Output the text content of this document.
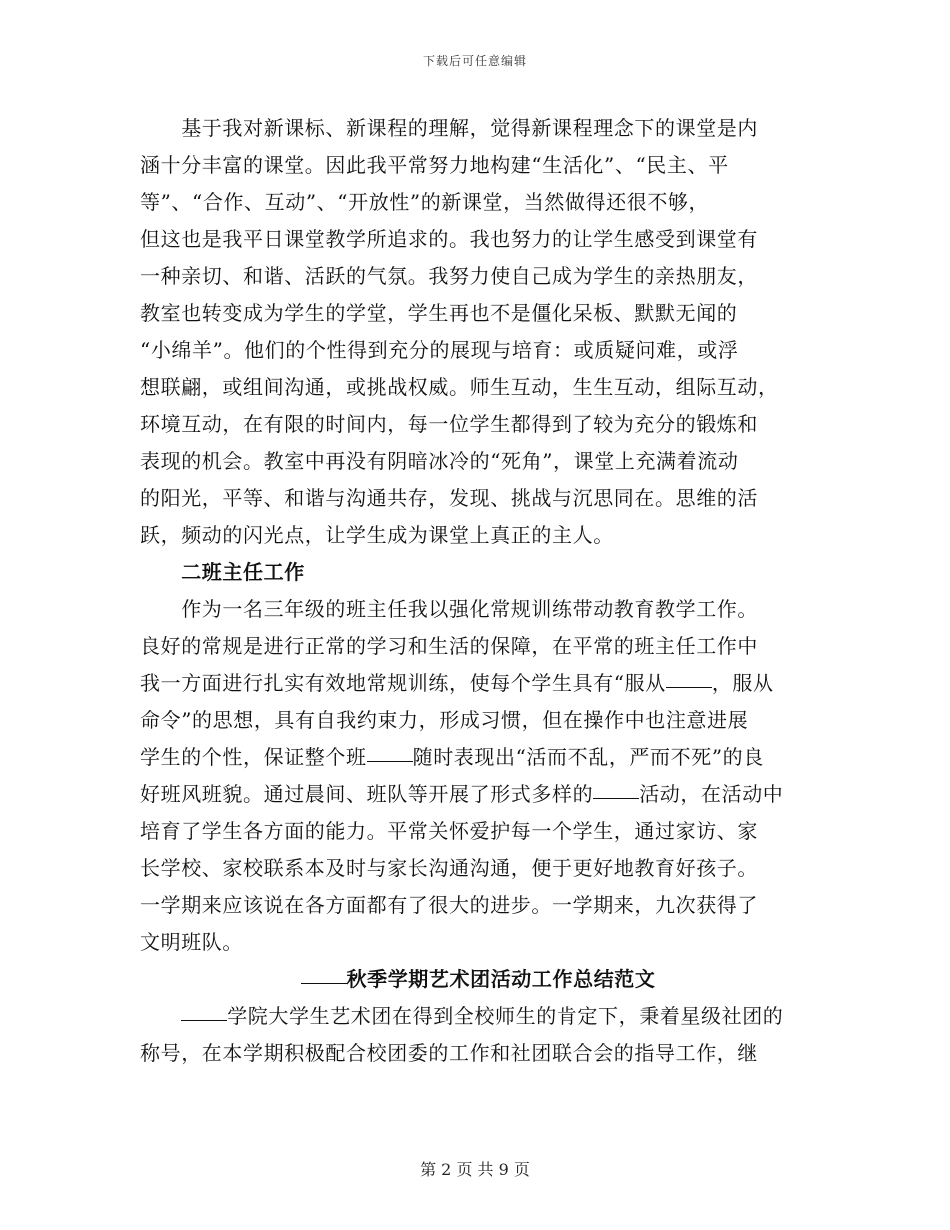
下载后可任意编辑
　　基于我对新课标、新课程的理解，觉得新课程理念下的课堂是内
涵十分丰富的课堂。因此我平常努力地构建“生活化”、“民主、平
等”、“合作、互动”、“开放性”的新课堂，当然做得还很不够，
但这也是我平日课堂教学所追求的。我也努力的让学生感受到课堂有
一种亲切、和谐、活跃的气氛。我努力使自己成为学生的亲热朋友，
教室也转变成为学生的学堂，学生再也不是僵化呆板、默默无闻的
“小绵羊”。他们的个性得到充分的展现与培育：或质疑问难，或浮
想联翩，或组间沟通，或挑战权威。师生互动，生生互动，组际互动，
环境互动，在有限的时间内，每一位学生都得到了较为充分的锻炼和
表现的机会。教室中再没有阴暗冰冷的“死角”，课堂上充满着流动
的阳光，平等、和谐与沟通共存，发现、挑战与沉思同在。思维的活
跃，频动的闪光点，让学生成为课堂上真正的主人。
　　二班主任工作
　　作为一名三年级的班主任我以强化常规训练带动教育教学工作。
良好的常规是进行正常的学习和生活的保障，在平常的班主任工作中
我一方面进行扎实有效地常规训练，使每个学生具有“服从 ，服从
命令”的思想，具有自我约束力，形成习惯，但在操作中也注意进展
学生的个性，保证整个班 随时表现出“活而不乱，严而不死”的良
好班风班貌。通过晨间、班队等开展了形式多样的 活动，在活动中
培育了学生各方面的能力。平常关怀爱护每一个学生，通过家访、家
长学校、家校联系本及时与家长沟通沟通，便于更好地教育好孩子。
一学期来应该说在各方面都有了很大的进步。一学期来，九次获得了
文明班队。
秋季学期艺术团活动工作总结范文
　　学院大学生艺术团在得到全校师生的肯定下，秉着星级社团的
称号，在本学期积极配合校团委的工作和社团联合会的指导工作，继
第 2 页 共 9 页
